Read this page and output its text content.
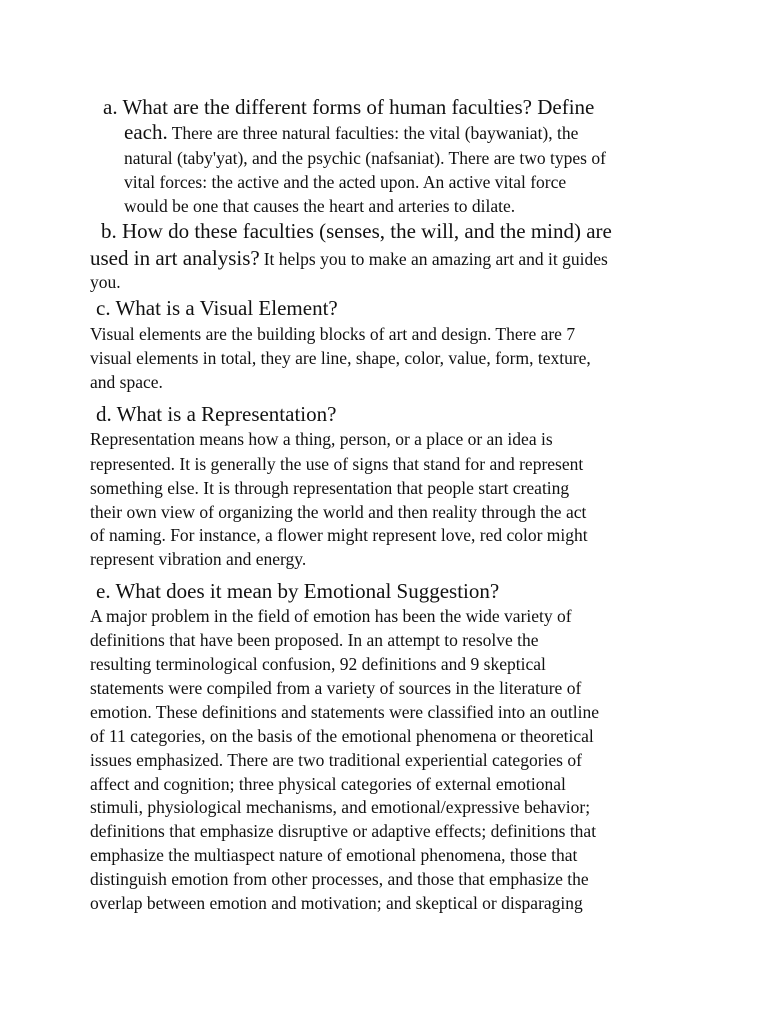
a. What are the different forms of human faculties? Define
each. There are three natural faculties: the vital (baywaniat), the
natural (taby'yat), and the psychic (nafsaniat). There are two types of
vital forces: the active and the acted upon. An active vital force
would be one that causes the heart and arteries to dilate.
b. How do these faculties (senses, the will, and the mind) are
used in art analysis? It helps you to make an amazing art and it guides
you.
c. What is a Visual Element?
Visual elements are the building blocks of art and design. There are 7
visual elements in total, they are line, shape, color, value, form, texture,
and space.
d. What is a Representation?
Representation means how a thing, person, or a place or an idea is
represented. It is generally the use of signs that stand for and represent
something else. It is through representation that people start creating
their own view of organizing the world and then reality through the act
of naming. For instance, a flower might represent love, red color might
represent vibration and energy.
e. What does it mean by Emotional Suggestion?
A major problem in the field of emotion has been the wide variety of
definitions that have been proposed. In an attempt to resolve the
resulting terminological confusion, 92 definitions and 9 skeptical
statements were compiled from a variety of sources in the literature of
emotion. These definitions and statements were classified into an outline
of 11 categories, on the basis of the emotional phenomena or theoretical
issues emphasized. There are two traditional experiential categories of
affect and cognition; three physical categories of external emotional
stimuli, physiological mechanisms, and emotional/expressive behavior;
definitions that emphasize disruptive or adaptive effects; definitions that
emphasize the multiaspect nature of emotional phenomena, those that
distinguish emotion from other processes, and those that emphasize the
overlap between emotion and motivation; and skeptical or disparaging
